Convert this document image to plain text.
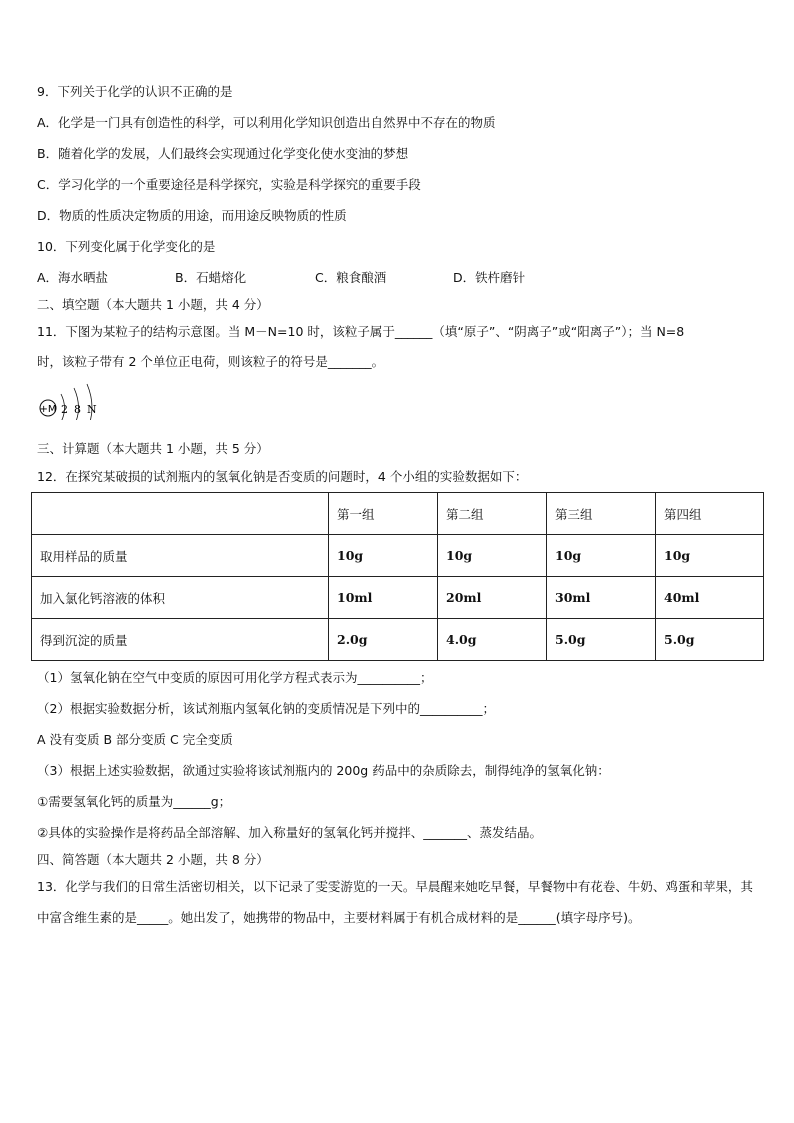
9．下列关于化学的认识不正确的是
A．化学是一门具有创造性的科学，可以利用化学知识创造出自然界中不存在的物质
B．随着化学的发展，人们最终会实现通过化学变化使水变油的梦想
C．学习化学的一个重要途径是科学探究，实验是科学探究的重要手段
D．物质的性质决定物质的用途，而用途反映物质的性质
10．下列变化属于化学变化的是
A．海水晒盐	B．石蜡熔化	C．粮食酿酒	D．铁杵磨针
二、填空题（本大题共 1 小题，共 4 分）
11．下图为某粒子的结构示意图。当 M－N=10 时，该粒子属于______（填“原子”、“阴离子”或“阳离子”）；当 N=8
时，该粒子带有 2 个单位正电荷，则该粒子的符号是_______。
+M 2 8 N
三、计算题（本大题共 1 小题，共 5 分）
12．在探究某破损的试剂瓶内的氢氧化钠是否变质的问题时，4 个小组的实验数据如下：
	第一组	第二组	第三组	第四组
取用样品的质量	10g	10g	10g	10g
加入氯化钙溶液的体积	10ml	20ml	30ml	40ml
得到沉淀的质量	2.0g	4.0g	5.0g	5.0g
（1）氢氧化钠在空气中变质的原因可用化学方程式表示为__________；
（2）根据实验数据分析，该试剂瓶内氢氧化钠的变质情况是下列中的__________；
A 没有变质 B 部分变质 C 完全变质
（3）根据上述实验数据，欲通过实验将该试剂瓶内的 200g 药品中的杂质除去，制得纯净的氢氧化钠：
①需要氢氧化钙的质量为______g；
②具体的实验操作是将药品全部溶解、加入称量好的氢氧化钙并搅拌、_______、蒸发结晶。
四、简答题（本大题共 2 小题，共 8 分）
13．化学与我们的日常生活密切相关，以下记录了雯雯游览的一天。早晨醒来她吃早餐，早餐物中有花卷、牛奶、鸡蛋和苹果，其中富含维生素的是_____。她出发了，她携带的物品中，主要材料属于有机合成材料的是______(填字母序号)。
